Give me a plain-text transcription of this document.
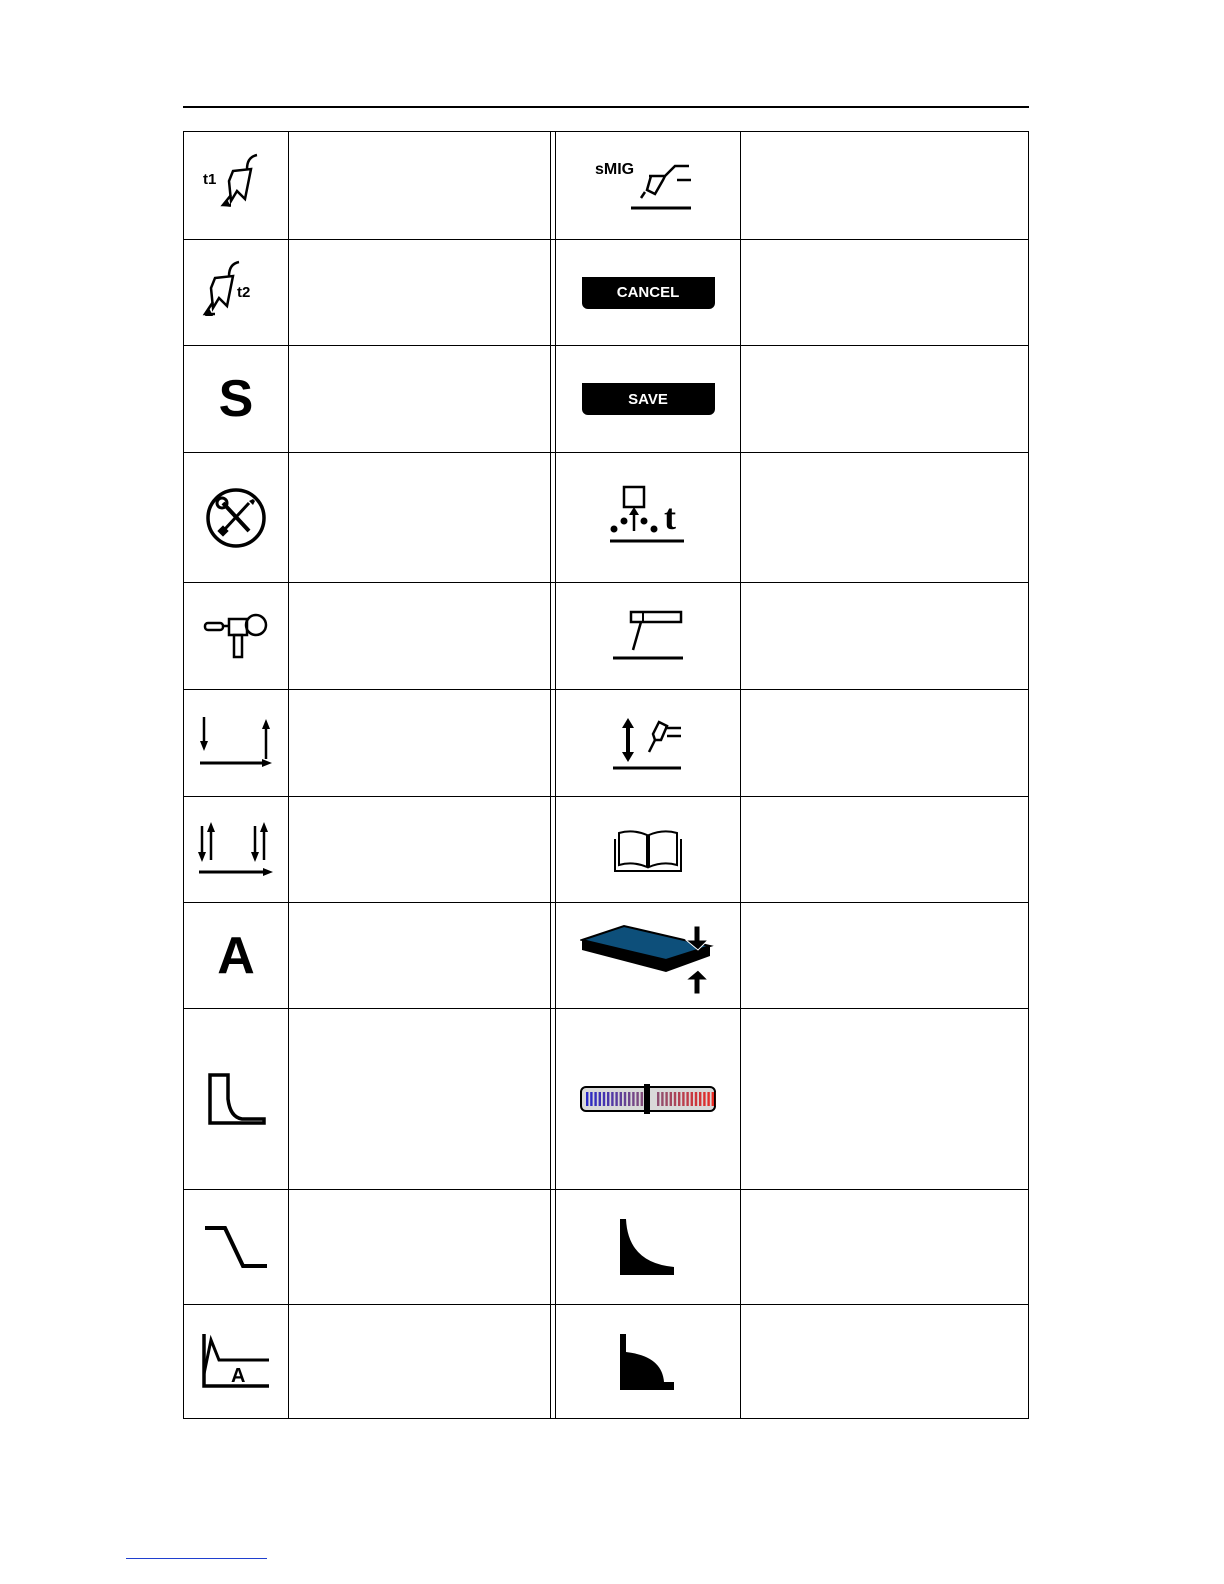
t1
sMIG
t2	CANCEL
S	SAVE
t
A
A
